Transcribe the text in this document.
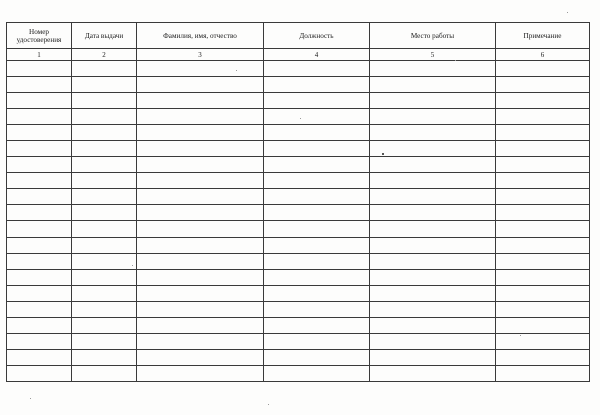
Номер удостоверения	Дата выдачи	Фамилия, имя, отчество	Должность	Место работы	Примечание
1	2	3	4	5	6
